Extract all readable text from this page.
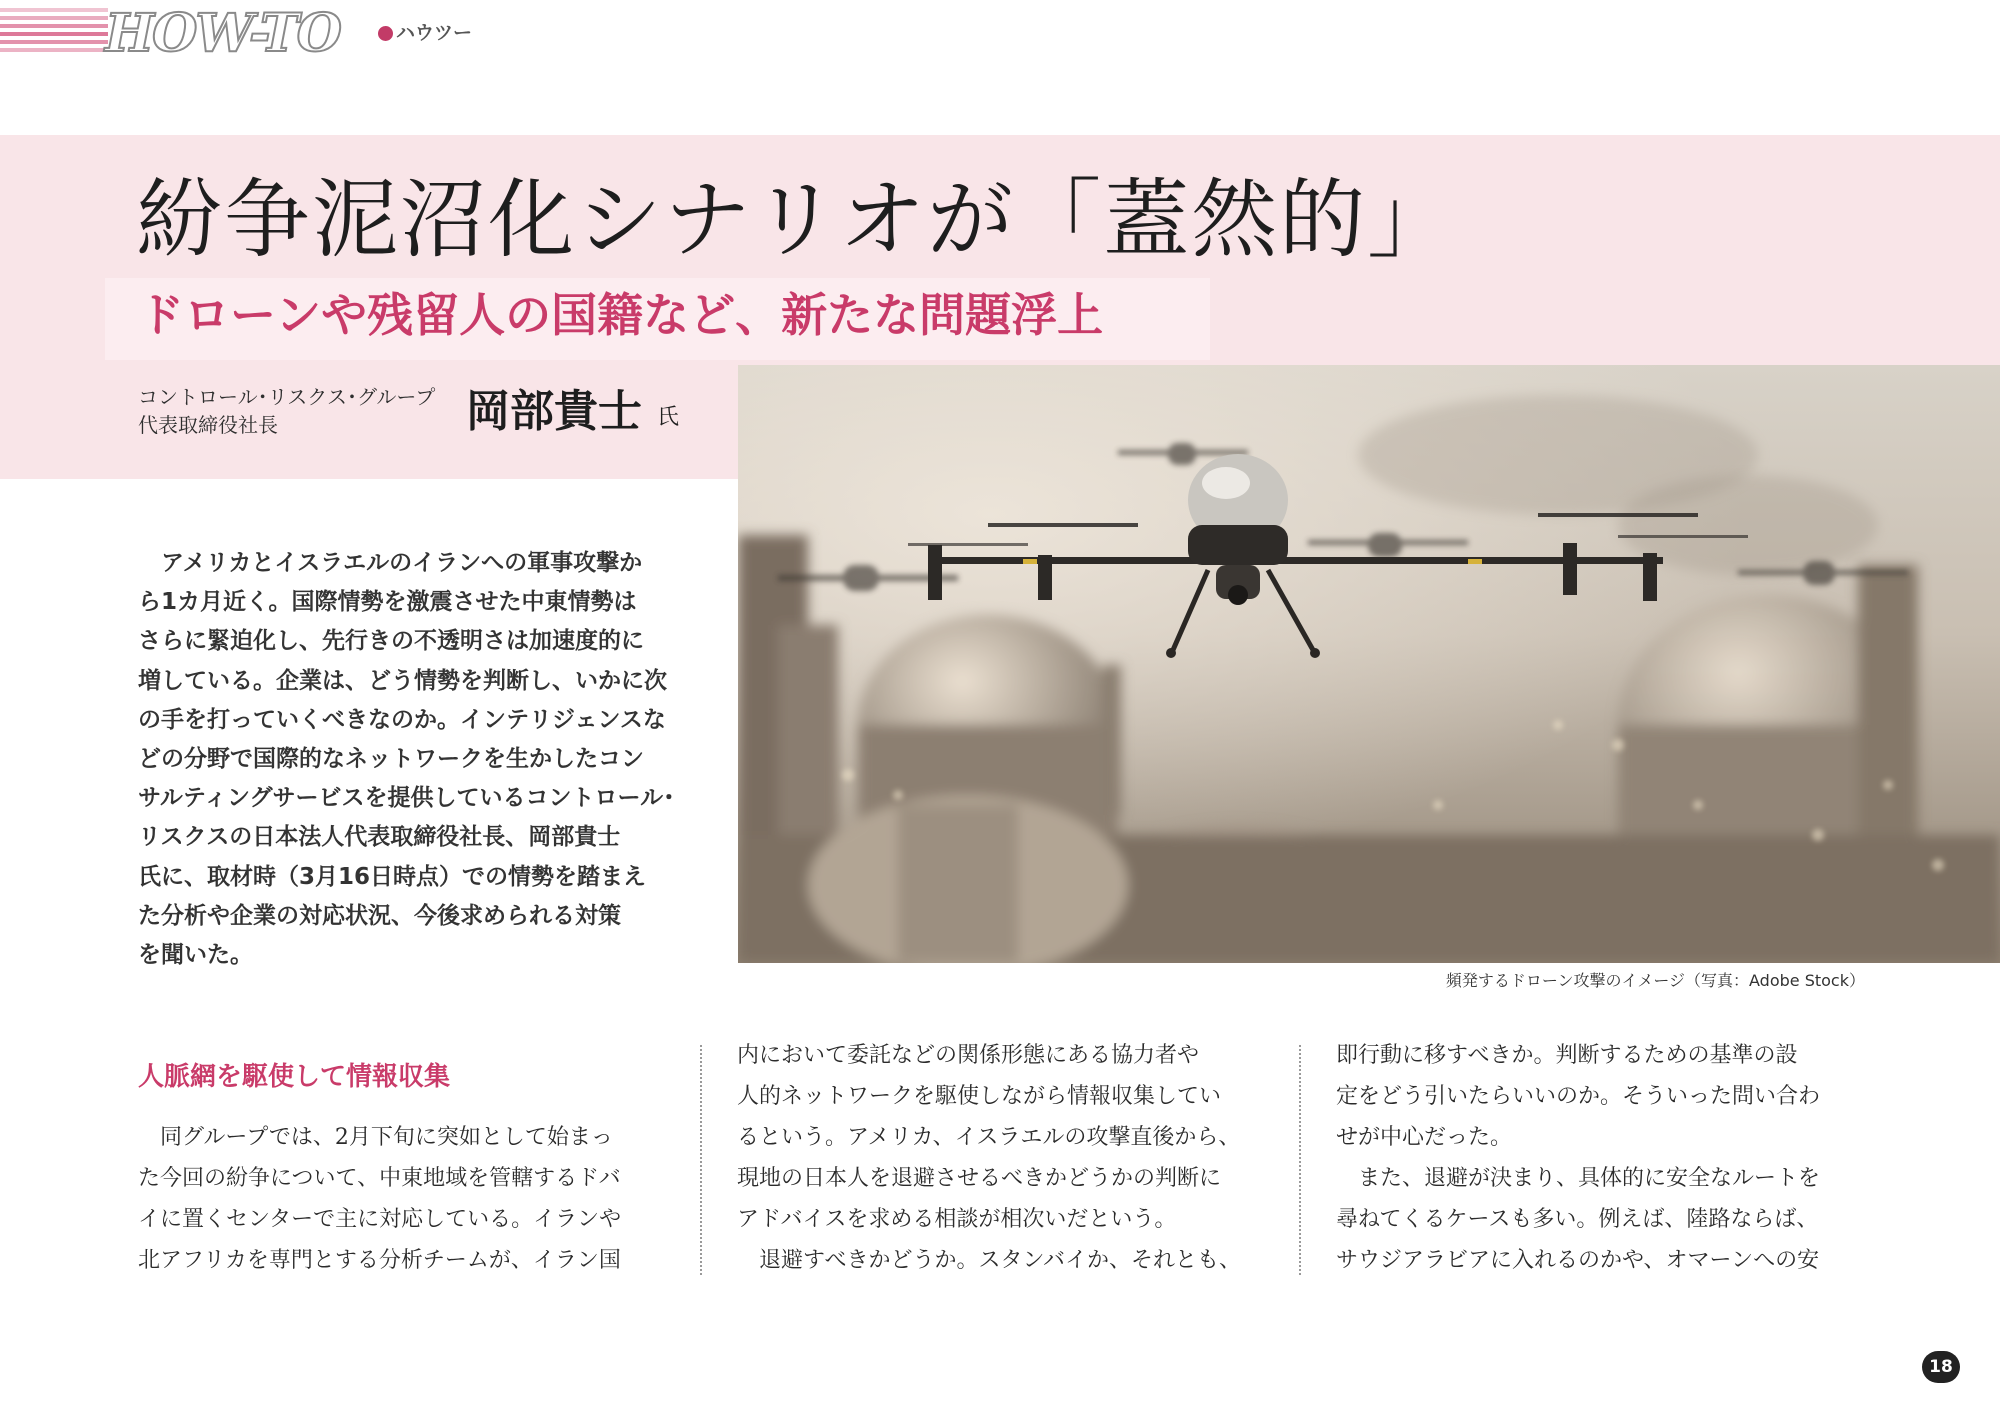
HOW-TO	ハウツー
紛争泥沼化シナリオが「蓋然的」
ドローンや残留人の国籍など、新たな問題浮上
コントロール･リスクス･グループ
代表取締役社長	岡部貴士 氏
頻発するドローン攻撃のイメージ（写真：Adobe Stock）
　アメリカとイスラエルのイランへの軍事攻撃か
ら1カ月近く。国際情勢を激震させた中東情勢は
さらに緊迫化し、先行きの不透明さは加速度的に
増している。企業は、どう情勢を判断し、いかに次
の手を打っていくべきなのか。インテリジェンスな
どの分野で国際的なネットワークを生かしたコン
サルティングサービスを提供しているコントロール･
リスクスの日本法人代表取締役社長、岡部貴士
氏に、取材時（3月16日時点）での情勢を踏まえ
た分析や企業の対応状況、今後求められる対策
を聞いた。
人脈網を駆使して情報収集
　同グループでは、2月下旬に突如として始まっ
た今回の紛争について、中東地域を管轄するドバ
イに置くセンターで主に対応している。イランや
北アフリカを専門とする分析チームが、イラン国
内において委託などの関係形態にある協力者や
人的ネットワークを駆使しながら情報収集してい
るという。アメリカ、イスラエルの攻撃直後から、
現地の日本人を退避させるべきかどうかの判断に
アドバイスを求める相談が相次いだという。
　退避すべきかどうか。スタンバイか、それとも、
即行動に移すべきか。判断するための基準の設
定をどう引いたらいいのか。そういった問い合わ
せが中心だった。
　また、退避が決まり、具体的に安全なルートを
尋ねてくるケースも多い。例えば、陸路ならば、
サウジアラビアに入れるのかや、オマーンへの安
18
